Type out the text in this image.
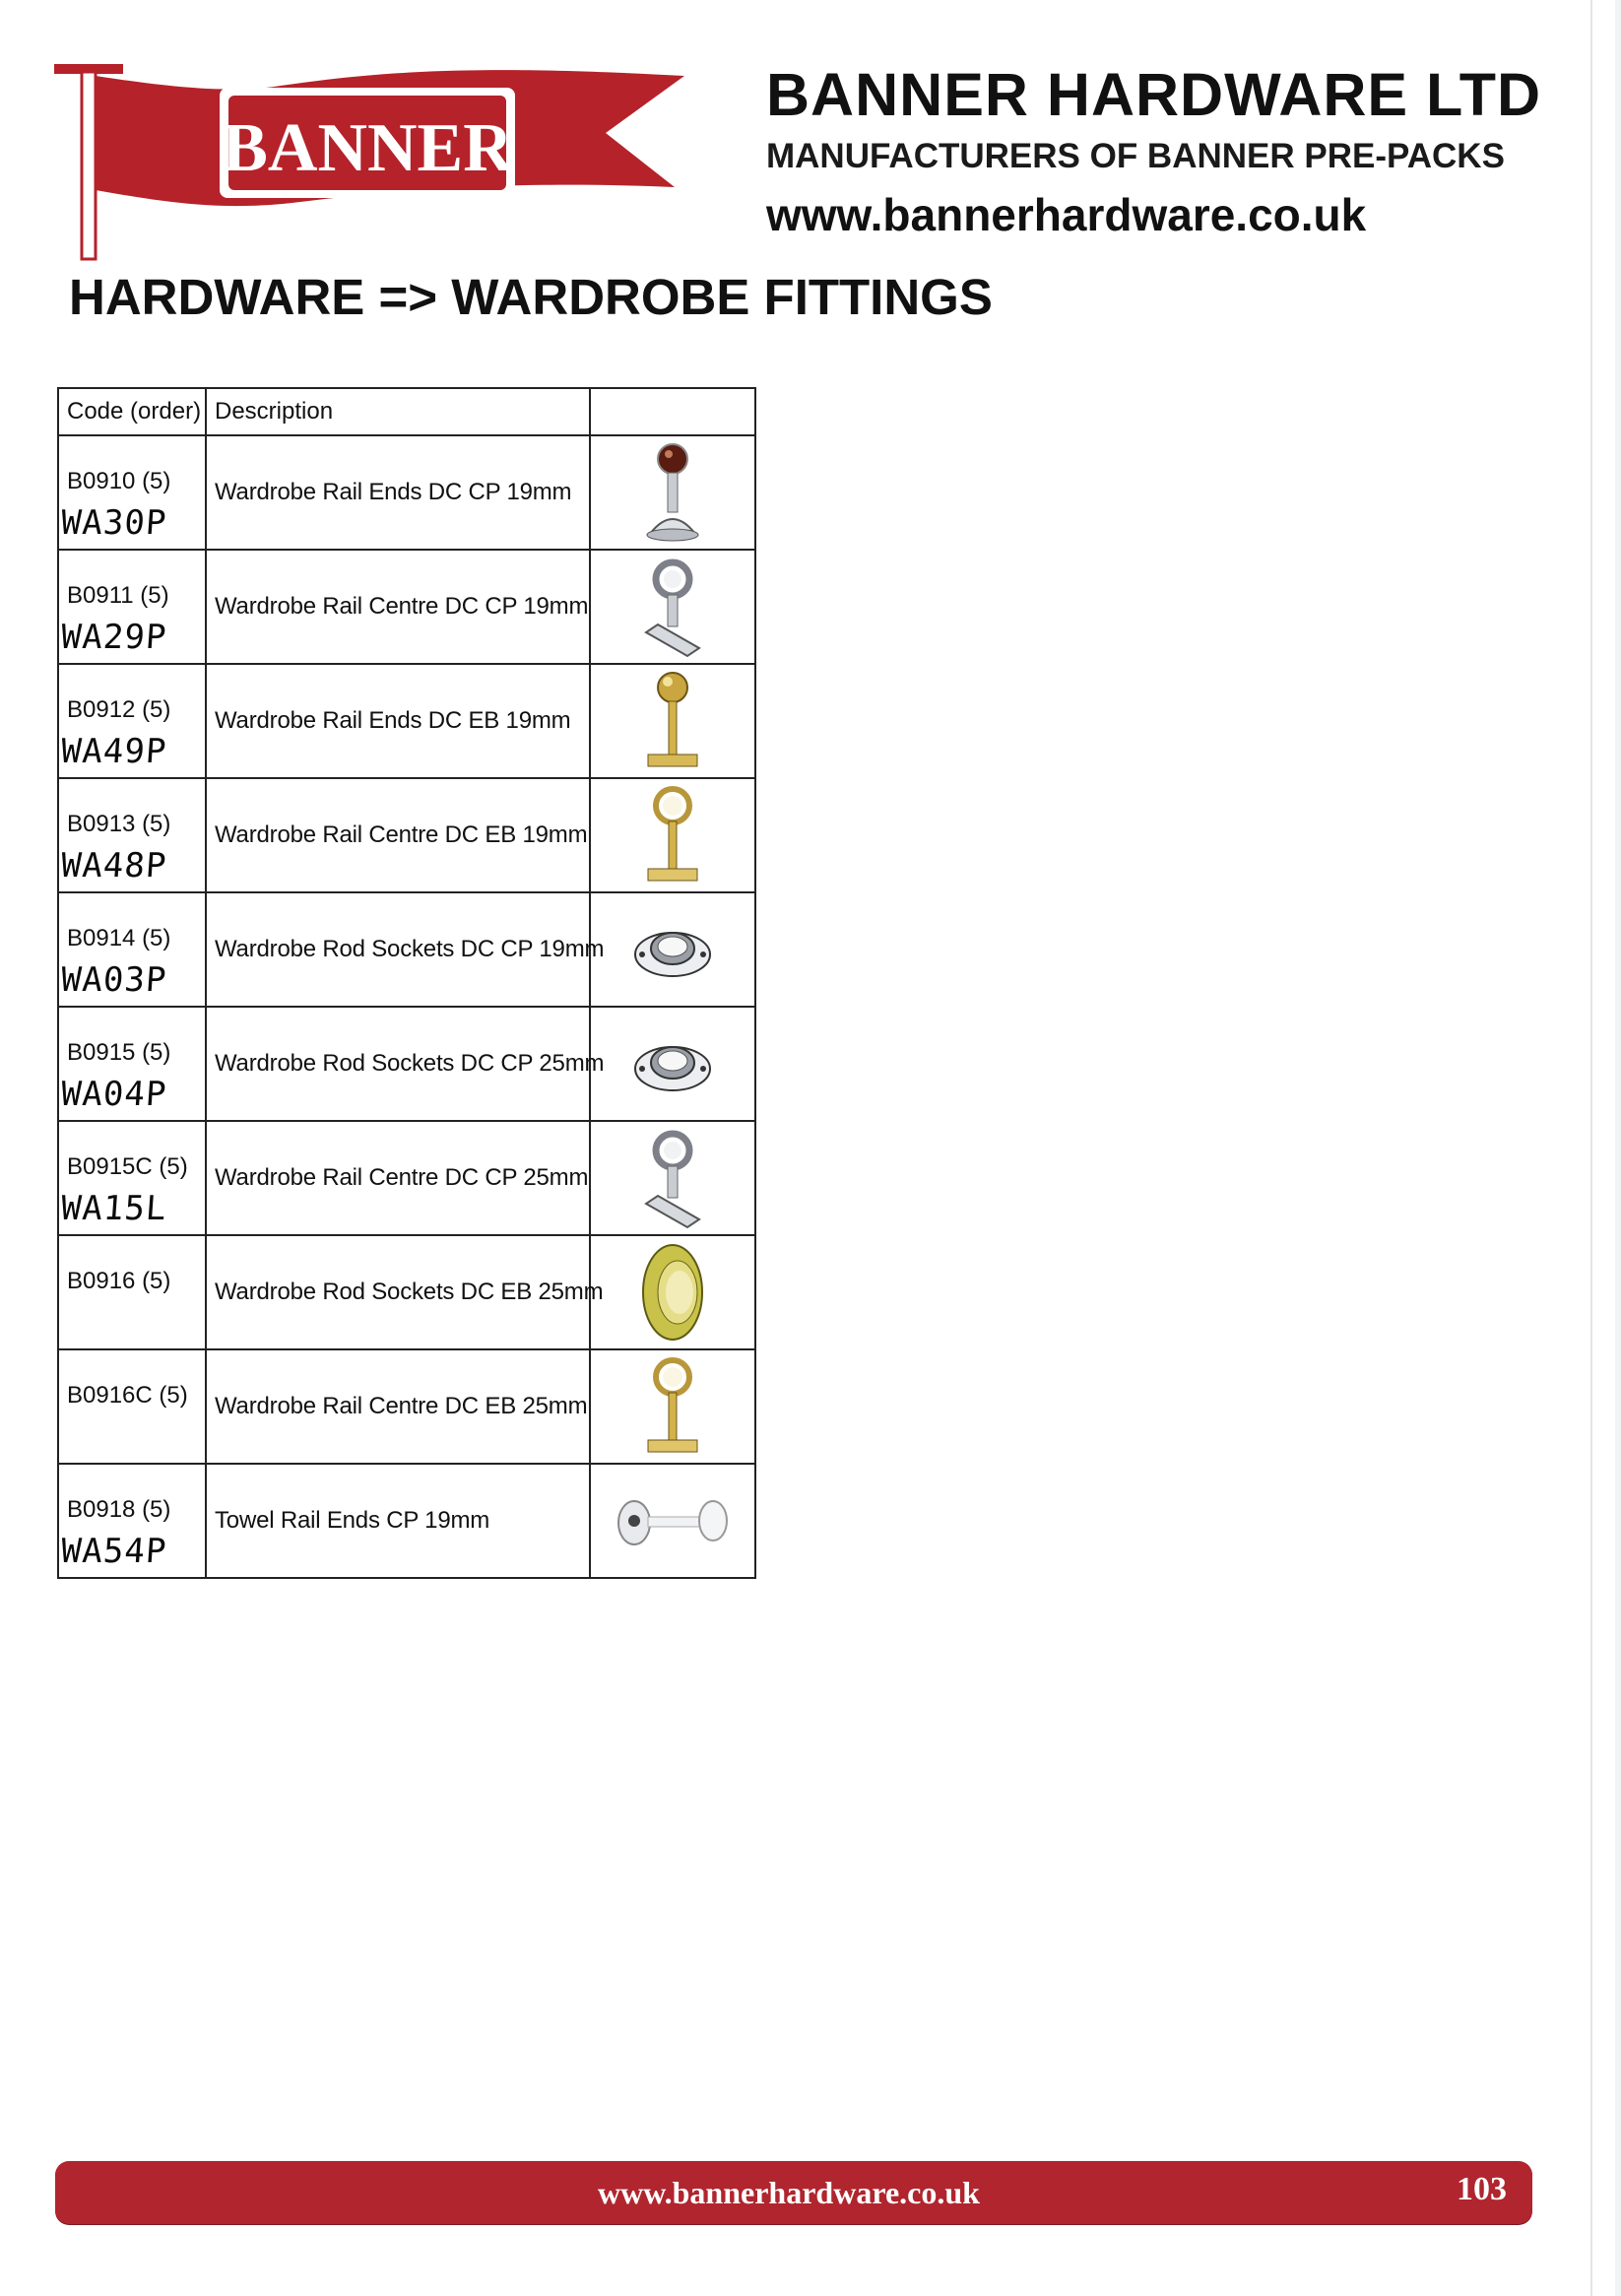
BANNER
BANNER HARDWARE LTD
MANUFACTURERS OF BANNER PRE-PACKS
www.bannerhardware.co.uk
HARDWARE => WARDROBE FITTINGS
Code (order)	Description	

B0910 (5)
WA30P	Wardrobe Rail Ends DC CP 19mm	

B0911 (5)
WA29P	Wardrobe Rail Centre DC CP 19mm	

B0912 (5)
WA49P	Wardrobe Rail Ends DC EB 19mm	

B0913 (5)
WA48P	Wardrobe Rail Centre DC EB 19mm	

B0914 (5)
WA03P	Wardrobe Rod Sockets DC CP 19mm	

B0915 (5)
WA04P	Wardrobe Rod Sockets DC CP 25mm	

B0915C (5)
WA15L	Wardrobe Rail Centre DC CP 25mm	

B0916 (5)	Wardrobe Rod Sockets DC EB 25mm	

B0916C (5)	Wardrobe Rail Centre DC EB 25mm	

B0918 (5)
WA54P	Towel Rail Ends CP 19mm	
www.bannerhardware.co.uk	103
